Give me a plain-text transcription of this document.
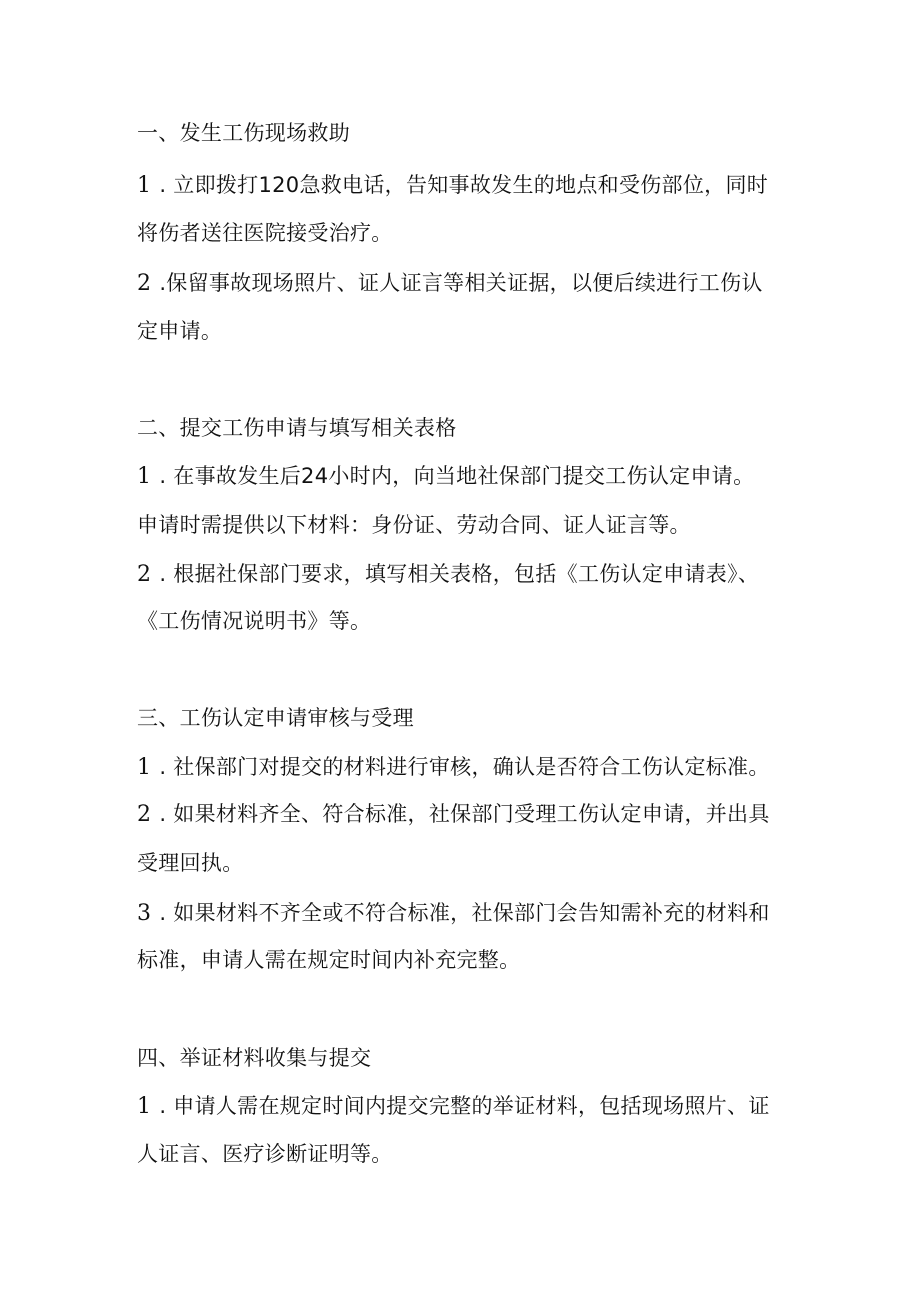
一、发生工伤现场救助
1 . 立即拨打120急救电话，告知事故发生的地点和受伤部位，同时
将伤者送往医院接受治疗。
2 .保留事故现场照片、证人证言等相关证据，以便后续进行工伤认
定申请。
二、提交工伤申请与填写相关表格
1 . 在事故发生后24小时内，向当地社保部门提交工伤认定申请。
申请时需提供以下材料：身份证、劳动合同、证人证言等。
2 . 根据社保部门要求，填写相关表格，包括《工伤认定申请表》、
《工伤情况说明书》等。
三、工伤认定申请审核与受理
1 . 社保部门对提交的材料进行审核，确认是否符合工伤认定标准。
2 . 如果材料齐全、符合标准，社保部门受理工伤认定申请，并出具
受理回执。
3 . 如果材料不齐全或不符合标准，社保部门会告知需补充的材料和
标准，申请人需在规定时间内补充完整。
四、举证材料收集与提交
1 . 申请人需在规定时间内提交完整的举证材料，包括现场照片、证
人证言、医疗诊断证明等。
